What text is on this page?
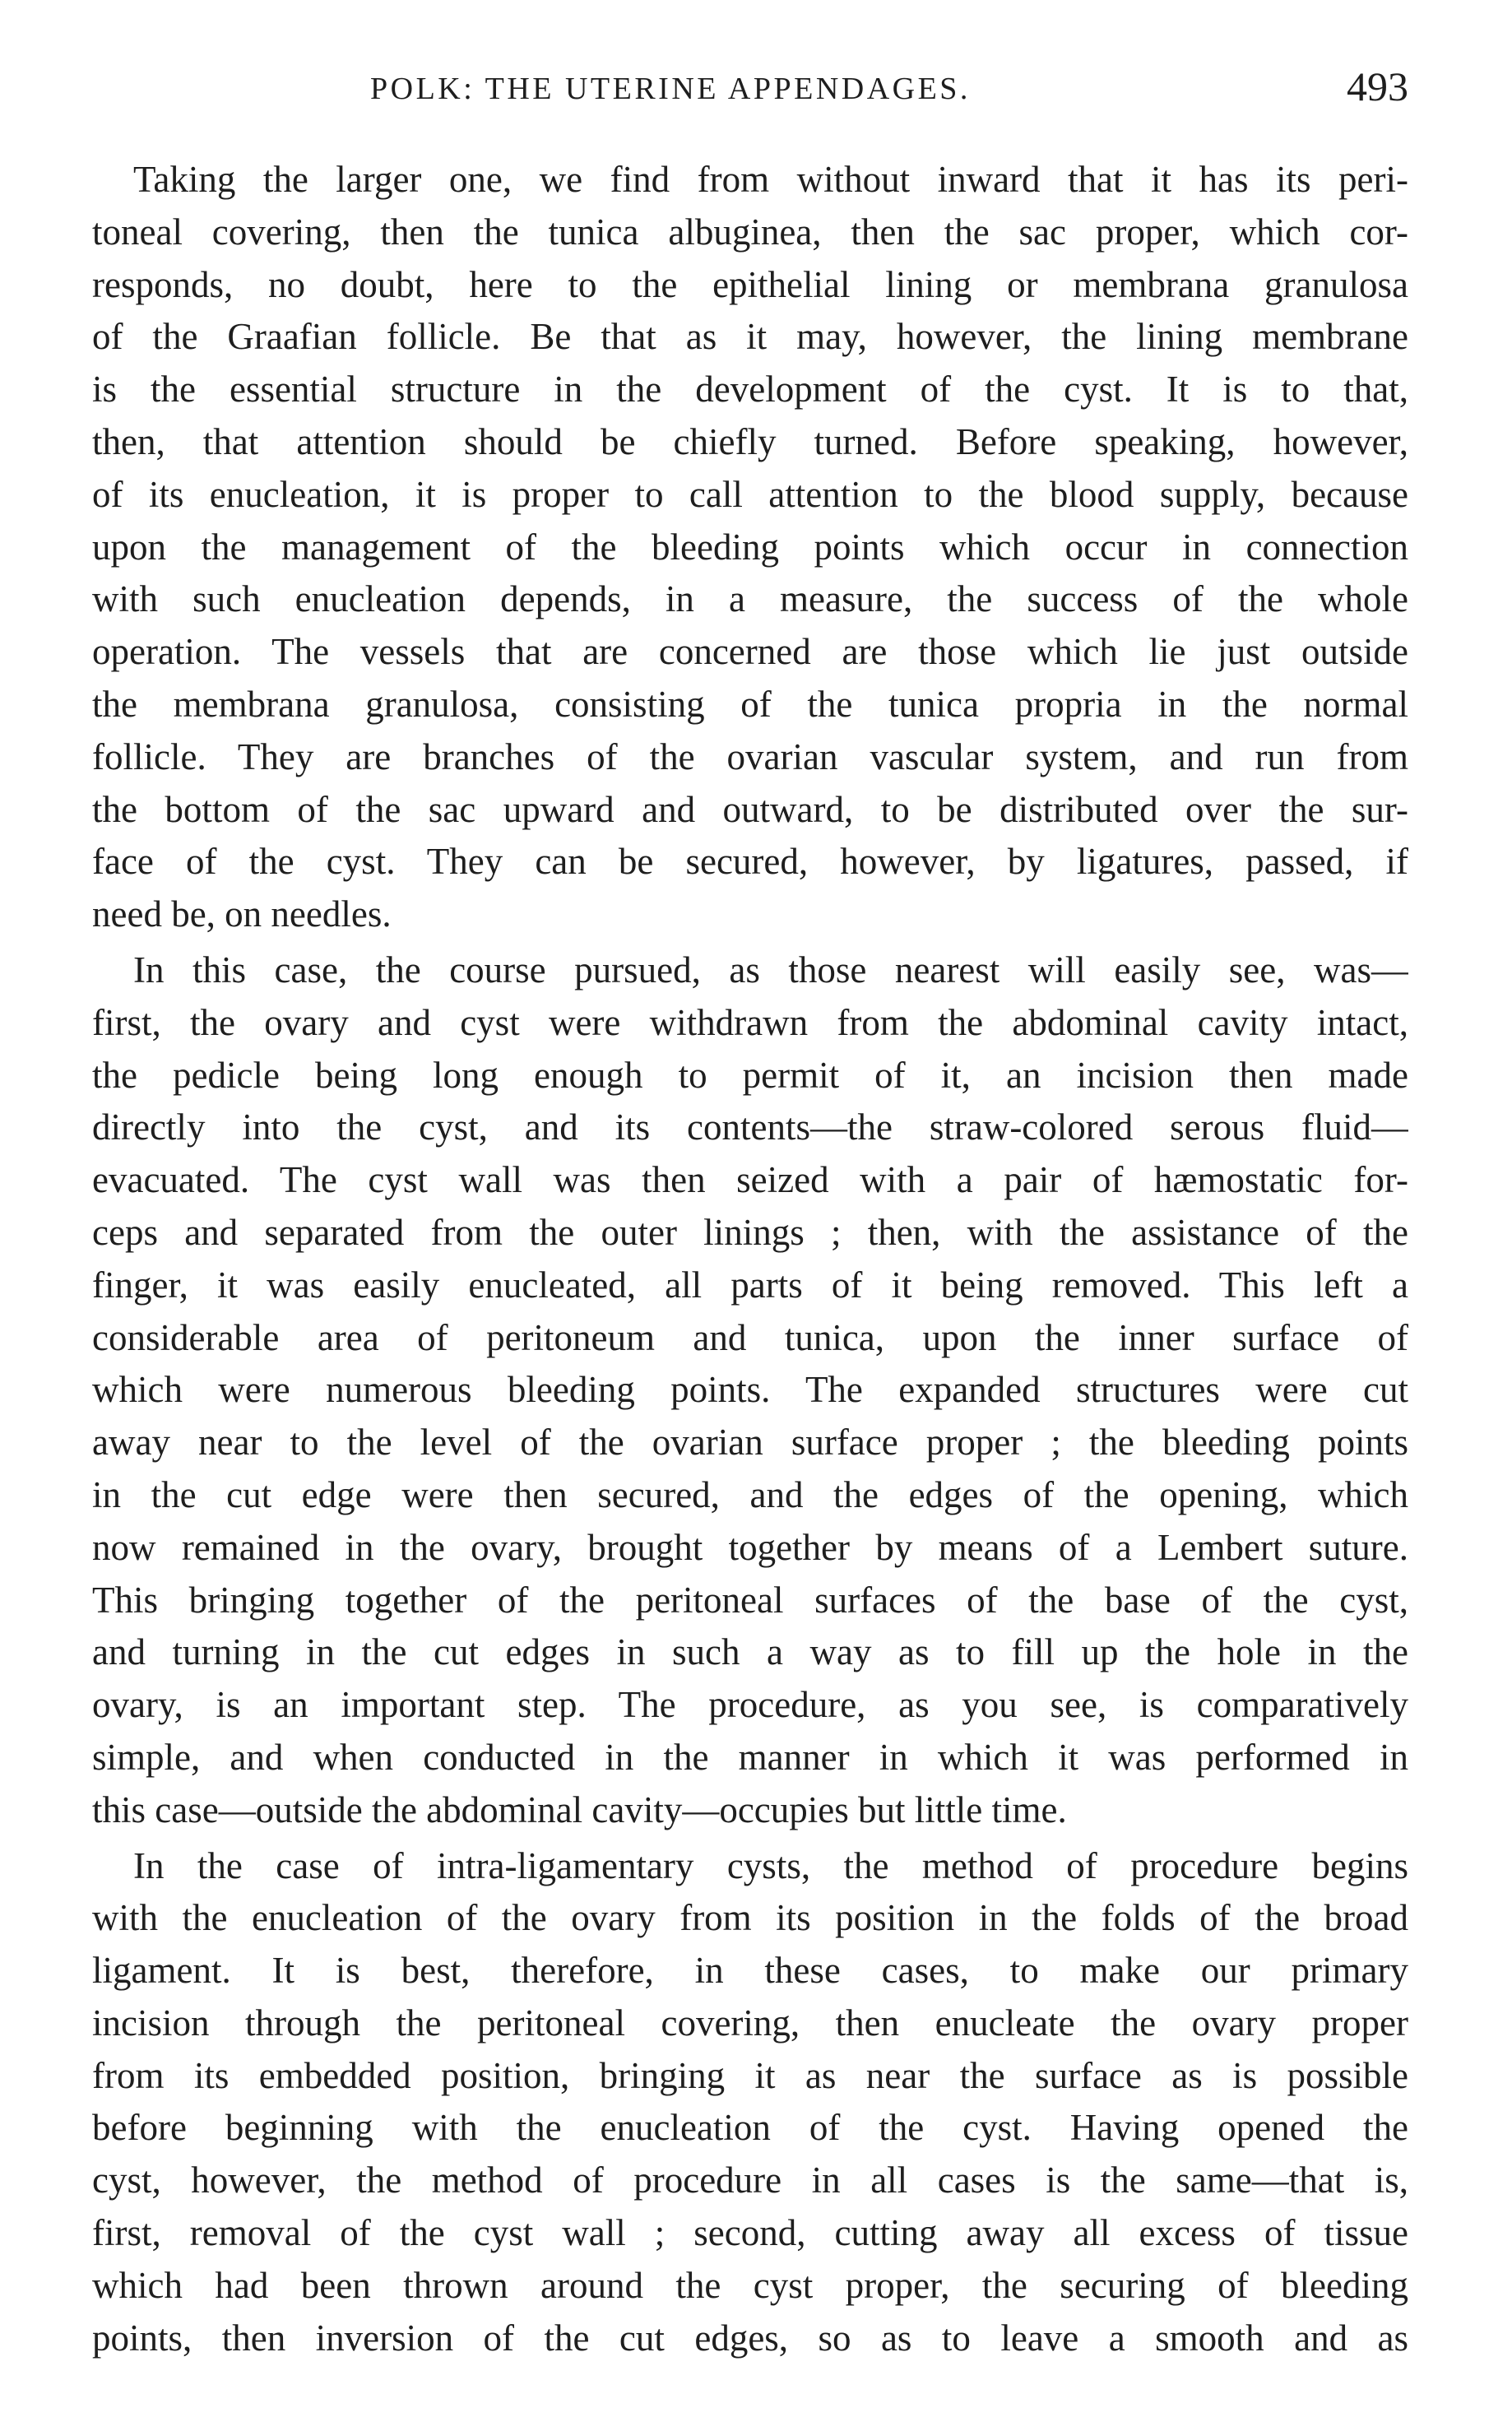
POLK: THE UTERINE APPENDAGES.	493
Taking the larger one, we find from without inward that it has its peri-
toneal covering, then the tunica albuginea, then the sac proper, which cor-
responds, no doubt, here to the epithelial lining or membrana granulosa
of the Graafian follicle. Be that as it may, however, the lining membrane
is the essential structure in the development of the cyst. It is to that,
then, that attention should be chiefly turned. Before speaking, however,
of its enucleation, it is proper to call attention to the blood supply, because
upon the management of the bleeding points which occur in connection
with such enucleation depends, in a measure, the success of the whole
operation. The vessels that are concerned are those which lie just outside
the membrana granulosa, consisting of the tunica propria in the normal
follicle. They are branches of the ovarian vascular system, and run from
the bottom of the sac upward and outward, to be distributed over the sur-
face of the cyst. They can be secured, however, by ligatures, passed, if
need be, on needles.
In this case, the course pursued, as those nearest will easily see, was—
first, the ovary and cyst were withdrawn from the abdominal cavity intact,
the pedicle being long enough to permit of it, an incision then made
directly into the cyst, and its contents—the straw-colored serous fluid—
evacuated. The cyst wall was then seized with a pair of hæmostatic for-
ceps and separated from the outer linings ; then, with the assistance of the
finger, it was easily enucleated, all parts of it being removed. This left a
considerable area of peritoneum and tunica, upon the inner surface of
which were numerous bleeding points. The expanded structures were cut
away near to the level of the ovarian surface proper ; the bleeding points
in the cut edge were then secured, and the edges of the opening, which
now remained in the ovary, brought together by means of a Lembert suture.
This bringing together of the peritoneal surfaces of the base of the cyst,
and turning in the cut edges in such a way as to fill up the hole in the
ovary, is an important step. The procedure, as you see, is comparatively
simple, and when conducted in the manner in which it was performed in
this case—outside the abdominal cavity—occupies but little time.
In the case of intra-ligamentary cysts, the method of procedure begins
with the enucleation of the ovary from its position in the folds of the broad
ligament. It is best, therefore, in these cases, to make our primary
incision through the peritoneal covering, then enucleate the ovary proper
from its embedded position, bringing it as near the surface as is possible
before beginning with the enucleation of the cyst. Having opened the
cyst, however, the method of procedure in all cases is the same—that is,
first, removal of the cyst wall ; second, cutting away all excess of tissue
which had been thrown around the cyst proper, the securing of bleeding
points, then inversion of the cut edges, so as to leave a smooth and as
